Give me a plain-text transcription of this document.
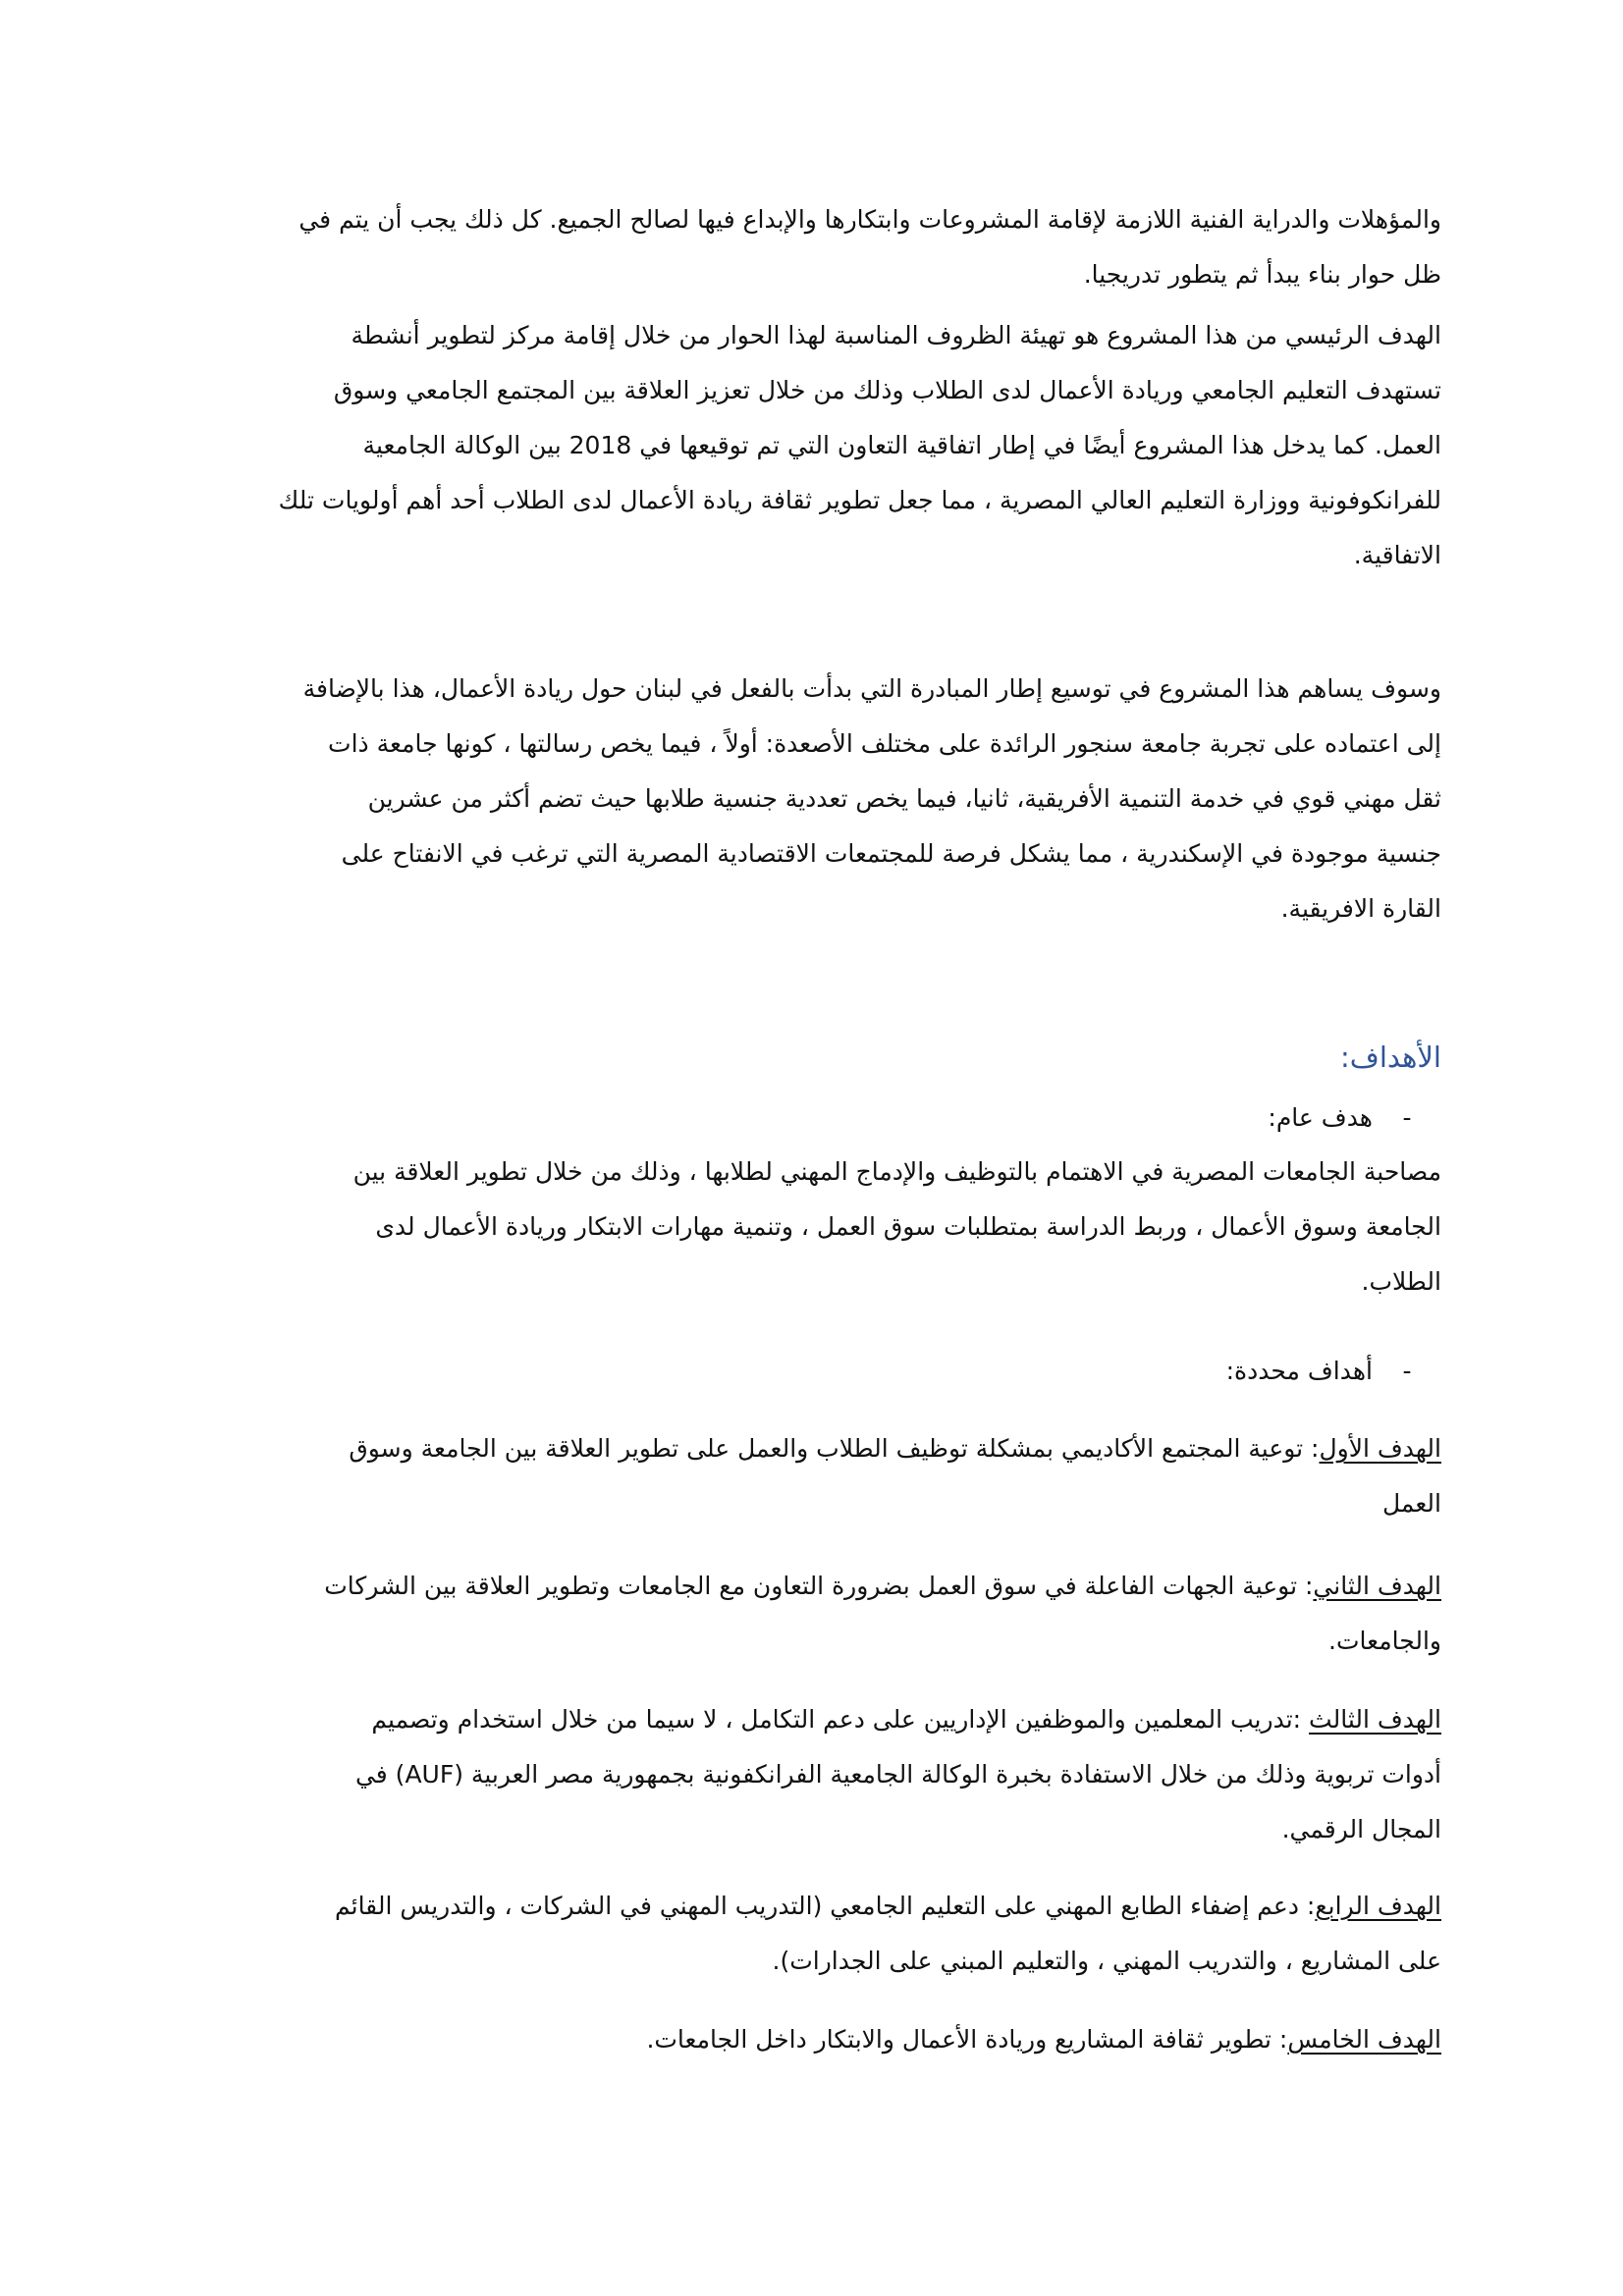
والمؤهلات والدراية الفنية اللازمة لإقامة المشروعات وابتكارها والإبداع فيها لصالح الجميع. كل ذلك يجب أن يتم في
ظل حوار بناء يبدأ ثم يتطور تدريجيا.
الهدف الرئيسي من هذا المشروع هو تهيئة الظروف المناسبة لهذا الحوار من خلال إقامة مركز لتطوير أنشطة
تستهدف التعليم الجامعي وريادة الأعمال لدى الطلاب وذلك من خلال تعزيز العلاقة بين المجتمع الجامعي وسوق
العمل. كما يدخل هذا المشروع أيضًا في إطار اتفاقية التعاون التي تم توقيعها في 2018 بين الوكالة الجامعية
للفرانكوفونية ووزارة التعليم العالي المصرية ، مما جعل تطوير ثقافة ريادة الأعمال لدى الطلاب أحد أهم أولويات تلك
الاتفاقية.
وسوف يساهم هذا المشروع في توسيع إطار المبادرة التي بدأت بالفعل في لبنان حول ريادة الأعمال، هذا بالإضافة
إلى اعتماده على تجربة جامعة سنجور الرائدة على مختلف الأصعدة: أولاً ، فيما يخص رسالتها ، كونها جامعة ذات
ثقل مهني قوي في خدمة التنمية الأفريقية، ثانيا، فيما يخص تعددية جنسية طلابها حيث تضم أكثر من عشرين
جنسية موجودة في الإسكندرية ، مما يشكل فرصة للمجتمعات الاقتصادية المصرية التي ترغب في الانفتاح على
القارة الافريقية.
الأهداف:
-
هدف عام:
مصاحبة الجامعات المصرية في الاهتمام بالتوظيف والإدماج المهني لطلابها ، وذلك من خلال تطوير العلاقة بين
الجامعة وسوق الأعمال ، وربط الدراسة بمتطلبات سوق العمل ، وتنمية مهارات الابتكار وريادة الأعمال لدى
الطلاب.
-
أهداف محددة:
الهدف الأول: توعية المجتمع الأكاديمي بمشكلة توظيف الطلاب والعمل على تطوير العلاقة بين الجامعة وسوق
العمل
الهدف الثاني: توعية الجهات الفاعلة في سوق العمل بضرورة التعاون مع الجامعات وتطوير العلاقة بين الشركات
والجامعات.
الهدف الثالث :تدريب المعلمين والموظفين الإداريين على دعم التكامل ، لا سيما من خلال استخدام وتصميم
أدوات تربوية وذلك من خلال الاستفادة بخبرة الوكالة الجامعية الفرانكفونية بجمهورية مصر العربية (AUF) في
المجال الرقمي.
الهدف الرابع: دعم إضفاء الطابع المهني على التعليم الجامعي (التدريب المهني في الشركات ، والتدريس القائم
على المشاريع ، والتدريب المهني ، والتعليم المبني على الجدارات).
الهدف الخامس: تطوير ثقافة المشاريع وريادة الأعمال والابتكار داخل الجامعات.
